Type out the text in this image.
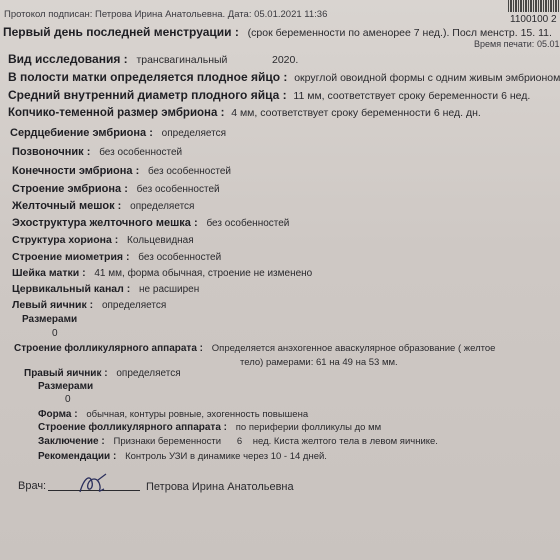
Протокол подписан: Петрова Ирина Анатольевна. Дата: 05.01.2021 11:36	1100100 2
Время печати: 05.01
Первый день последней менструации : (срок беременности по аменорее 7 нед.). Посл менстр. 15. 11.
2020.
Вид исследования : трансвагинальный
В полости матки определяется плодное яйцо : округлой овоидной формы с одним живым эмбрионом
Средний внутренний диаметр плодного яйца : 11 мм, соответствует сроку беременности 6 нед.
Копчико-теменной размер эмбриона : 4 мм, соответствует сроку беременности 6 нед. дн.
Сердцебиение эмбриона : определяется
Позвоночник : без особенностей
Конечности эмбриона : без особенностей
Строение эмбриона : без особенностей
Желточный мешок : определяется
Эхоструктура желточного мешка : без особенностей
Структура хориона : Кольцевидная
Строение миометрия : без особенностей
Шейка матки : 41 мм, форма обычная, строение не изменено
Цервикальный канал : не расширен
Левый яичник : определяется
Размерами
0
Строение фолликулярного аппарата : Определяется анэхогенное аваскулярное образование ( желтое
тело) рамерами: 61 на 49 на 53 мм.
Правый яичник : определяется
Размерами
0
Форма : обычная, контуры ровные, эхогенность повышена
Строение фолликулярного аппарата : по периферии фолликулы до мм
Заключение : Признаки беременности      6    нед. Киста желтого тела в левом яичнике.
Рекомендации : Контроль УЗИ в динамике через 10 - 14 дней.
Врач:	Петрова Ирина Анатольевна
